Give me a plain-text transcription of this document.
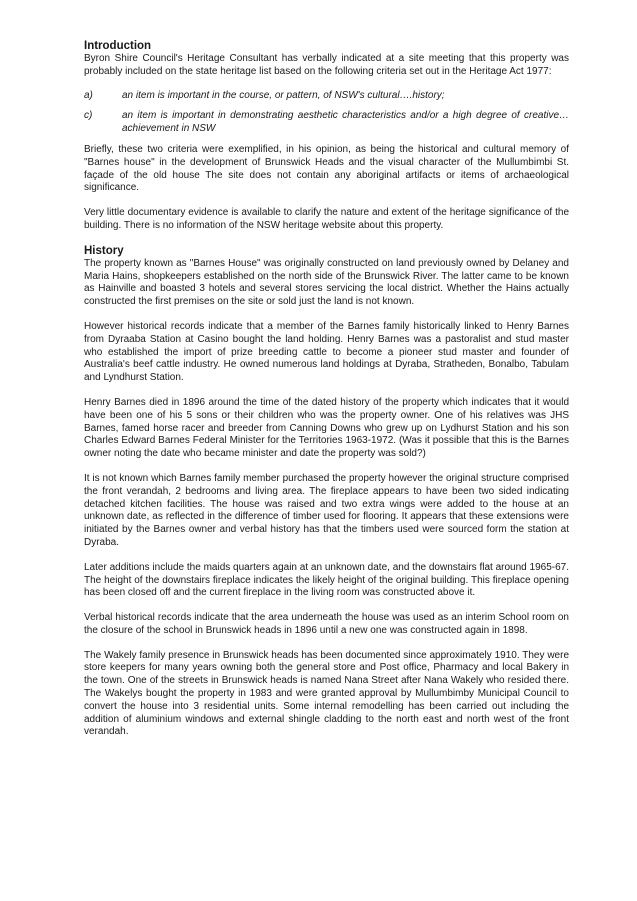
Introduction

Byron Shire Council's Heritage Consultant has verbally indicated at a site meeting that this property was probably included on the state heritage list based on the following criteria set out in the Heritage Act 1977:

a)	an item is important in the course, or pattern, of NSW's cultural….history;
c)	an item is important in demonstrating aesthetic characteristics and/or a high degree of creative… achievement in NSW

Briefly, these two criteria were exemplified, in his opinion, as being the historical and cultural memory of "Barnes house" in the development of Brunswick Heads and the visual character of the Mullumbimbi St. façade of the old house The site does not contain any aboriginal artifacts or items of archaeological significance.

Very little documentary evidence is available to clarify the nature and extent of the heritage significance of the building. There is no information of the NSW heritage website about this property.

History

The property known as "Barnes House" was originally constructed on land previously owned by Delaney and Maria Hains, shopkeepers established on the north side of the Brunswick River. The latter came to be known as Hainville and boasted 3 hotels and several stores servicing the local district. Whether the Hains actually constructed the first premises on the site or sold just the land is not known.

However historical records indicate that a member of the Barnes family historically linked to Henry Barnes from Dyraaba Station at Casino bought the land holding. Henry Barnes was a pastoralist and stud master who established the import of prize breeding cattle to become a pioneer stud master and founder of Australia's beef cattle industry. He owned numerous land holdings at Dyraba, Stratheden, Bonalbo, Tabulam and Lyndhurst Station.

Henry Barnes died in 1896 around the time of the dated history of the property which indicates that it would have been one of his 5 sons or their children who was the property owner. One of his relatives was JHS Barnes, famed horse racer and breeder from Canning Downs who grew up on Lydhurst Station and his son Charles Edward Barnes Federal Minister for the Territories 1963-1972. (Was it possible that this is the Barnes owner noting the date who became minister and date the property was sold?)

It is not known which Barnes family member purchased the property however the original structure comprised the front verandah, 2 bedrooms and living area. The fireplace appears to have been two sided indicating detached kitchen facilities. The house was raised and two extra wings were added to the house at an unknown date, as reflected in the difference of timber used for flooring. It appears that these extensions were initiated by the Barnes owner and verbal history has that the timbers used were sourced form the station at Dyraba.

Later additions include the maids quarters again at an unknown date, and the downstairs flat around 1965-67. The height of the downstairs fireplace indicates the likely height of the original building. This fireplace opening has been closed off and the current fireplace in the living room was constructed above it.

Verbal historical records indicate that the area underneath the house was used as an interim School room on the closure of the school in Brunswick heads in 1896 until a new one was constructed again in 1898.

The Wakely family presence in Brunswick heads has been documented since approximately 1910. They were store keepers for many years owning both the general store and Post office, Pharmacy and local Bakery in the town. One of the streets in Brunswick heads is named Nana Street after Nana Wakely who resided there. The Wakelys bought the property in 1983 and were granted approval by Mullumbimby Municipal Council to convert the house into 3 residential units. Some internal remodelling has been carried out including the addition of aluminium windows and external shingle cladding to the north east and north west of the front verandah.
